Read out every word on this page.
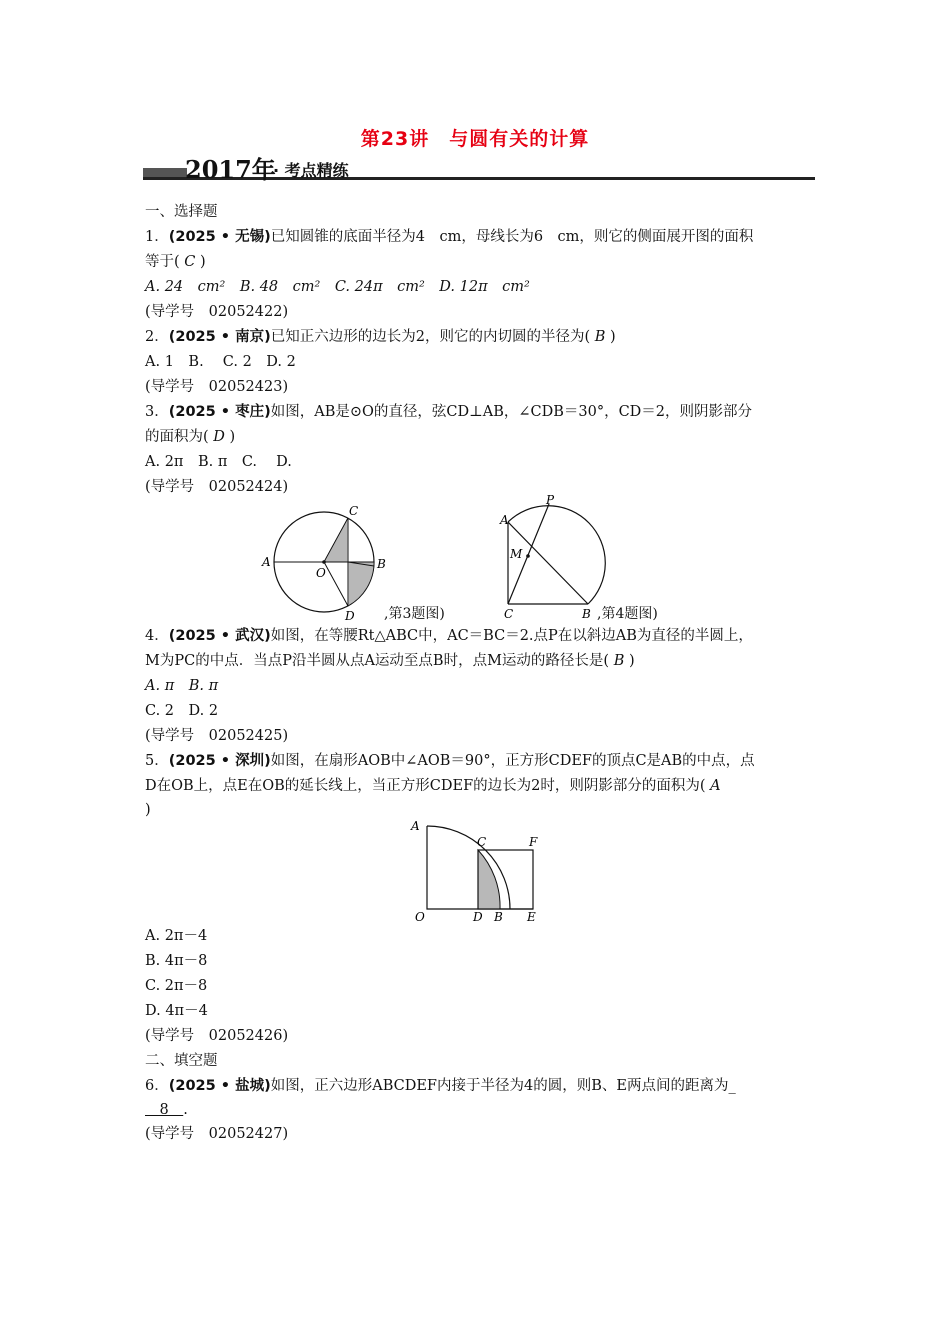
第23讲　与圆有关的计算
2017年
· 考点精练
一、选择题
1．(2025 • 无锡)已知圆锥的底面半径为4　cm，母线长为6　cm，则它的侧面展开图的面积
等于( C )
A. 24　cm²　B. 48　cm²　C. 24π　cm²　D. 12π　cm²
(导学号　02052422)
2．(2025 • 南京)已知正六边形的边长为2，则它的内切圆的半径为( B )
A. 1　B. 　C. 2　D. 2
(导学号　02052423)
3．(2025 • 枣庄)如图，AB是⊙O的直径，弦CD⊥AB，∠CDB＝30°，CD＝2，则阴影部分
的面积为( D )
A. 2π　B. π　C. 　D.
(导学号　02052424)
A	B
C
D
O
,第3题图)
A
B
C
M
P
,第4题图)
4．(2025 • 武汉)如图，在等腰Rt△ABC中，AC＝BC＝2.点P在以斜边AB为直径的半圆上，
M为PC的中点．当点P沿半圆从点A运动至点B时，点M运动的路径长是( B )
A. π　B. π
C. 2　D. 2
(导学号　02052425)
5．(2025 • 深圳)如图，在扇形AOB中∠AOB＝90°，正方形CDEF的顶点C是AB的中点，点
D在OB上，点E在OB的延长线上，当正方形CDEF的边长为2时，则阴影部分的面积为( A
)
A
C	F
O	D B E
A. 2π－4
B. 4π－8
C. 2π－8
D. 4π－4
(导学号　02052426)
二、填空题
6．(2025 • 盐城)如图，正六边形ABCDEF内接于半径为4的圆，则B、E两点间的距离为_
　8　.
(导学号　02052427)
